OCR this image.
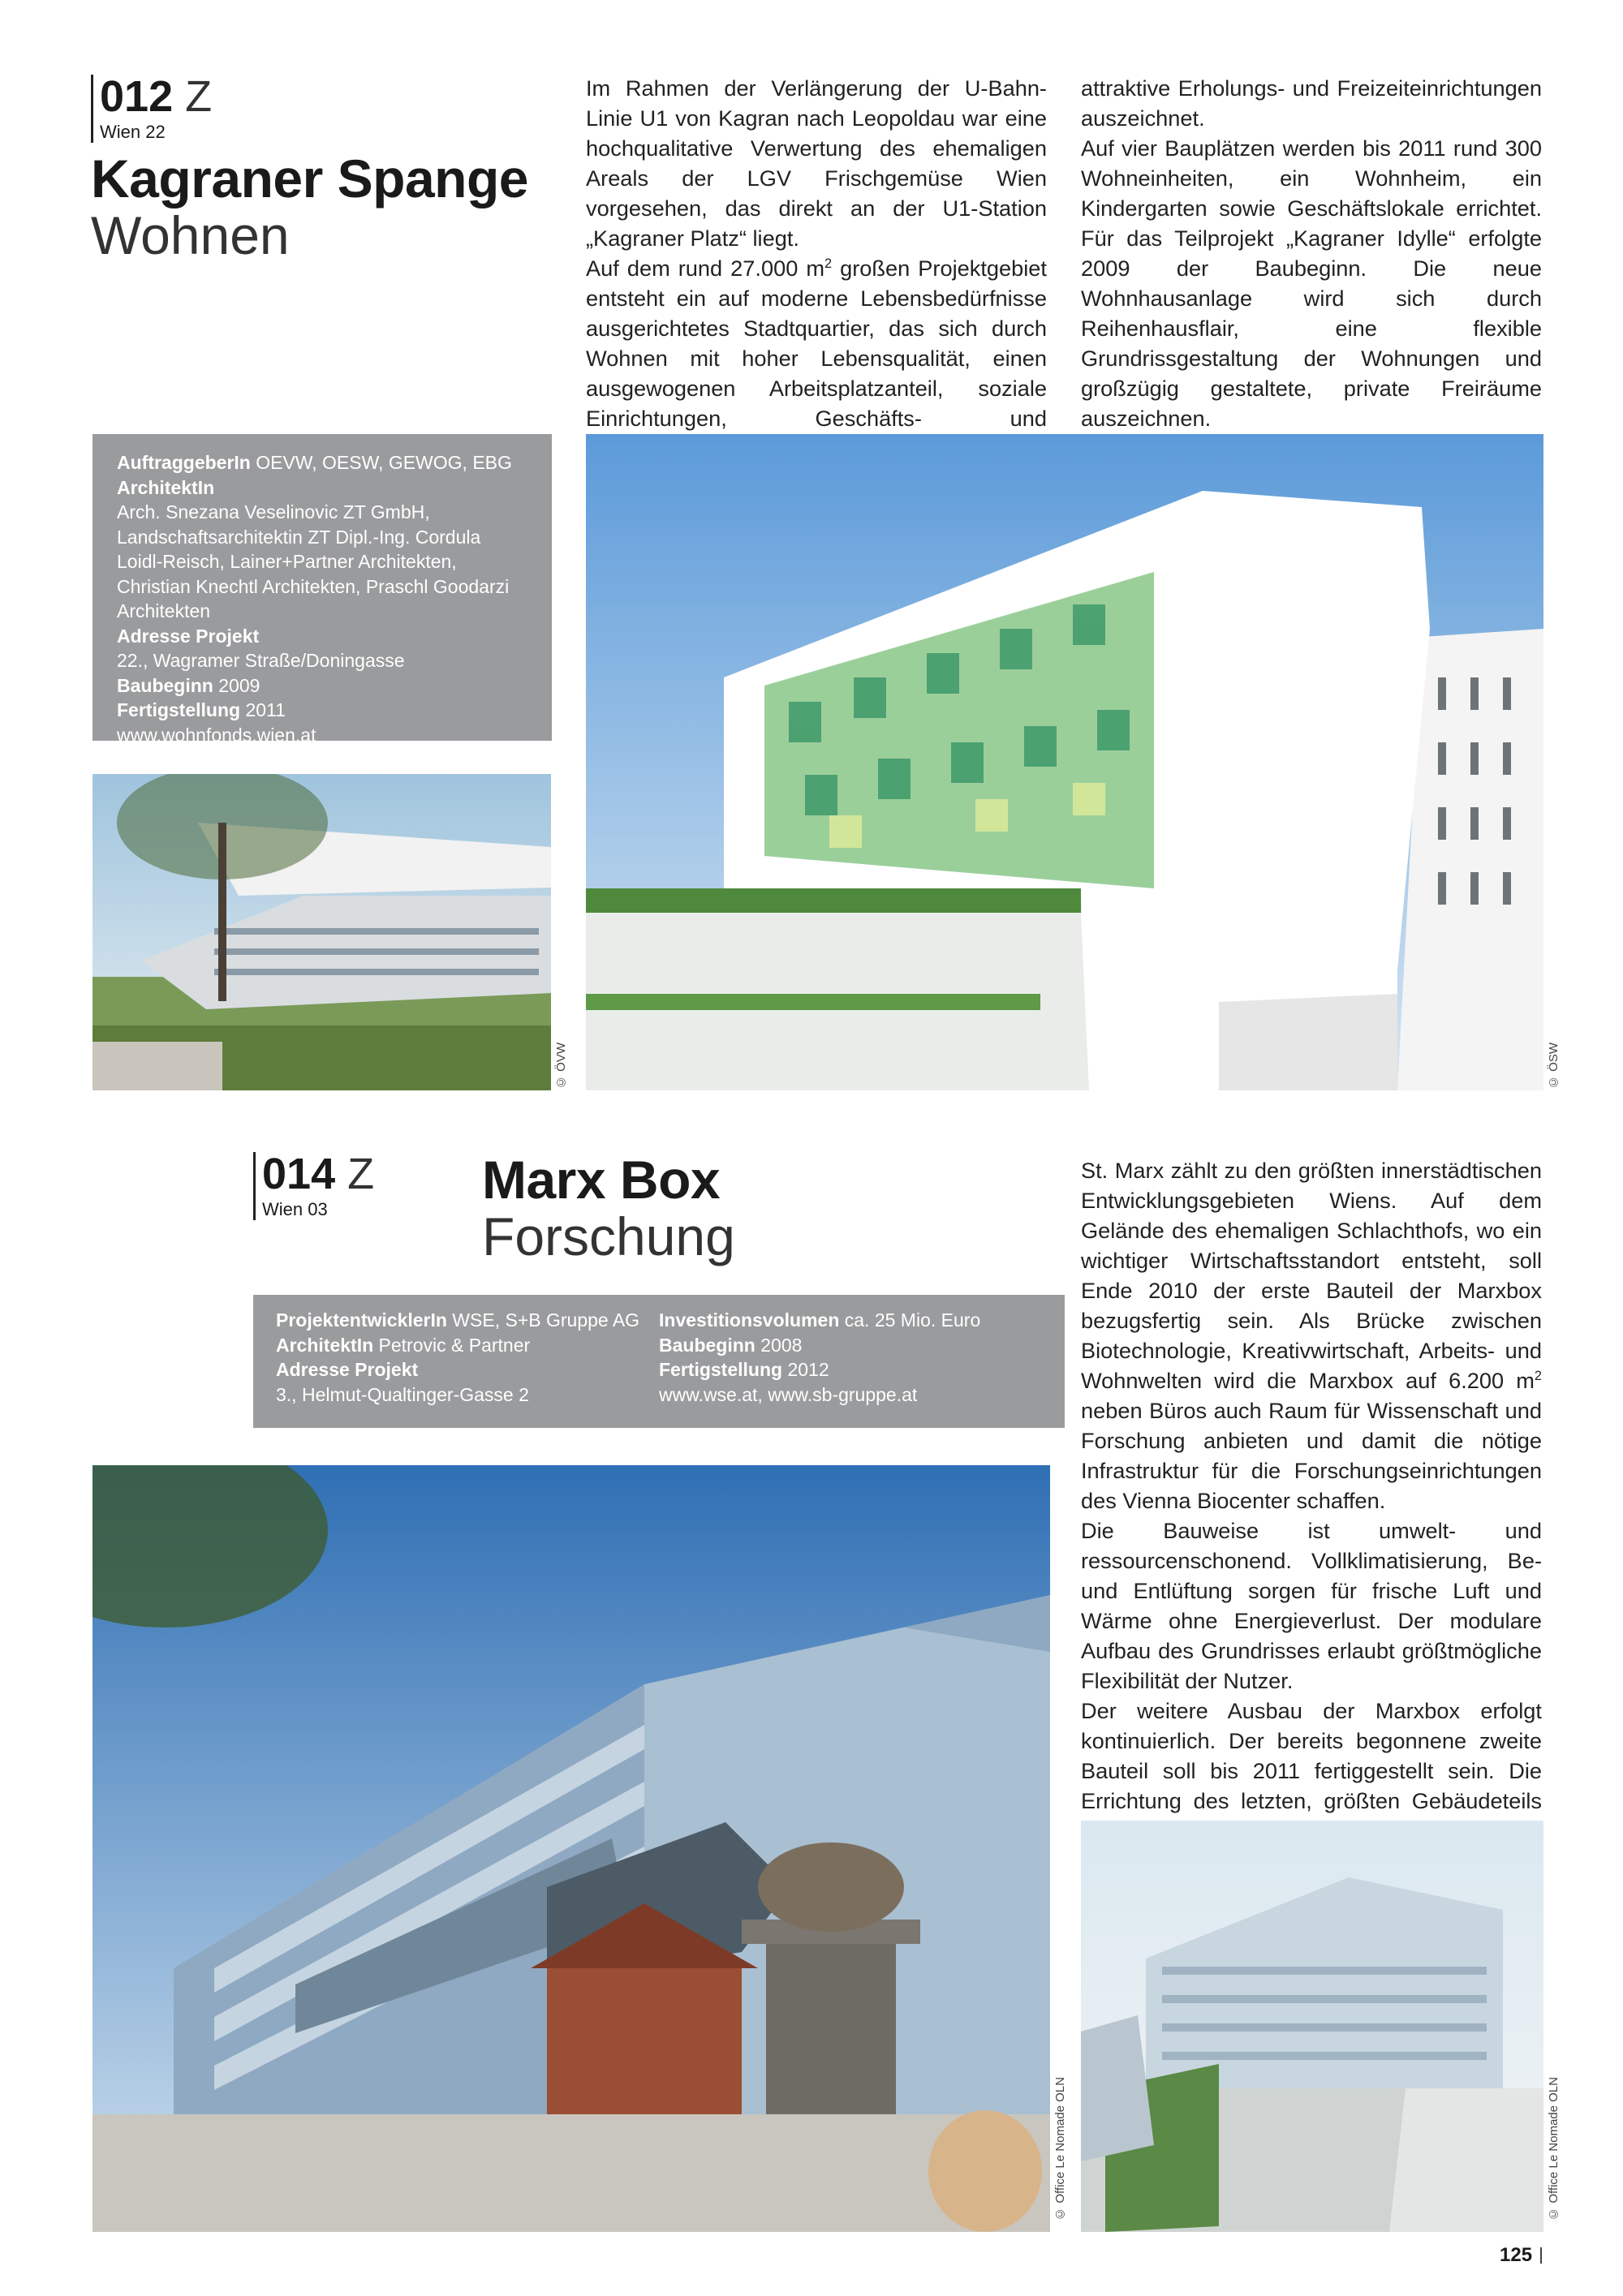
012 Z
Wien 22
Kagraner Spange
Wohnen

Im Rahmen der Verlängerung der U-Bahn-Linie U1 von Kagran nach Leopoldau war eine hochqualitative Verwertung des ehemaligen Areals der LGV Frischgemüse Wien vorgesehen, das direkt an der U1-Station „Kagraner Platz“ liegt.

Auf dem rund 27.000 $m^2$ großen Projektgebiet entsteht ein auf moderne Lebensbedürfnisse ausgerichtetes Stadtquartier, das sich durch Wohnen mit hoher Lebensqualität, einen ausgewogenen Arbeitsplatzanteil, soziale Einrichtungen, Geschäfts- und

attraktive Erholungs- und Freizeiteinrichtungen auszeichnet.

Auf vier Bauplätzen werden bis 2011 rund 300 Wohneinheiten, ein Wohnheim, ein Kindergarten sowie Geschäftslokale errichtet. Für das Teilprojekt „Kagraner Idylle“ erfolgte 2009 der Baubeginn. Die neue Wohnhausanlage wird sich durch Reihenhausflair, eine flexible Grundrissgestaltung der Wohnungen und großzügig gestaltete, private Freiräume auszeichnen.

AuftraggeberIn OEVW, OESW, GEWOG, EBG
ArchitektIn
Arch. Snezana Veselinovic ZT GmbH, Landschaftsarchitektin ZT Dipl.-Ing. Cordula Loidl-Reisch, Lainer+Partner Architekten, Christian Knechtl Architekten, Praschl Goodarzi Architekten
Adresse Projekt
22., Wagramer Straße/Doningasse
Baubeginn 2009
Fertigstellung 2011
www.wohnfonds.wien.at
© ÖVW	© ÖSW
014 Z
Wien 03	Marx Box
Forschung
ProjektentwicklerIn WSE, S+B Gruppe AG
ArchitektIn Petrovic & Partner
Adresse Projekt
3., Helmut-Qualtinger-Gasse 2
Investitionsvolumen ca. 25 Mio. Euro
Baubeginn 2008
Fertigstellung 2012
www.wse.at, www.sb-gruppe.at

St. Marx zählt zu den größten innerstädtischen Entwicklungsgebieten Wiens. Auf dem Gelände des ehemaligen Schlachthofs, wo ein wichtiger Wirtschaftsstandort entsteht, soll Ende 2010 der erste Bauteil der Marxbox bezugsfertig sein. Als Brücke zwischen Biotechnologie, Kreativwirtschaft, Arbeits- und Wohnwelten wird die Marxbox auf 6.200 $m^2$ neben Büros auch Raum für Wissenschaft und Forschung anbieten und damit die nötige Infrastruktur für die Forschungseinrichtungen des Vienna Biocenter schaffen.

Die Bauweise ist umwelt- und ressourcenschonend. Vollklimatisierung, Be- und Entlüftung sorgen für frische Luft und Wärme ohne Energieverlust. Der modulare Aufbau des Grundrisses erlaubt größtmögliche Flexibilität der Nutzer.

Der weitere Ausbau der Marxbox erfolgt kontinuierlich. Der bereits begonnene zweite Bauteil soll bis 2011 fertiggestellt sein. Die Errichtung des letzten, größten Gebäudeteils

© Office Le Nomade OLN	© Office Le Nomade OLN
125
